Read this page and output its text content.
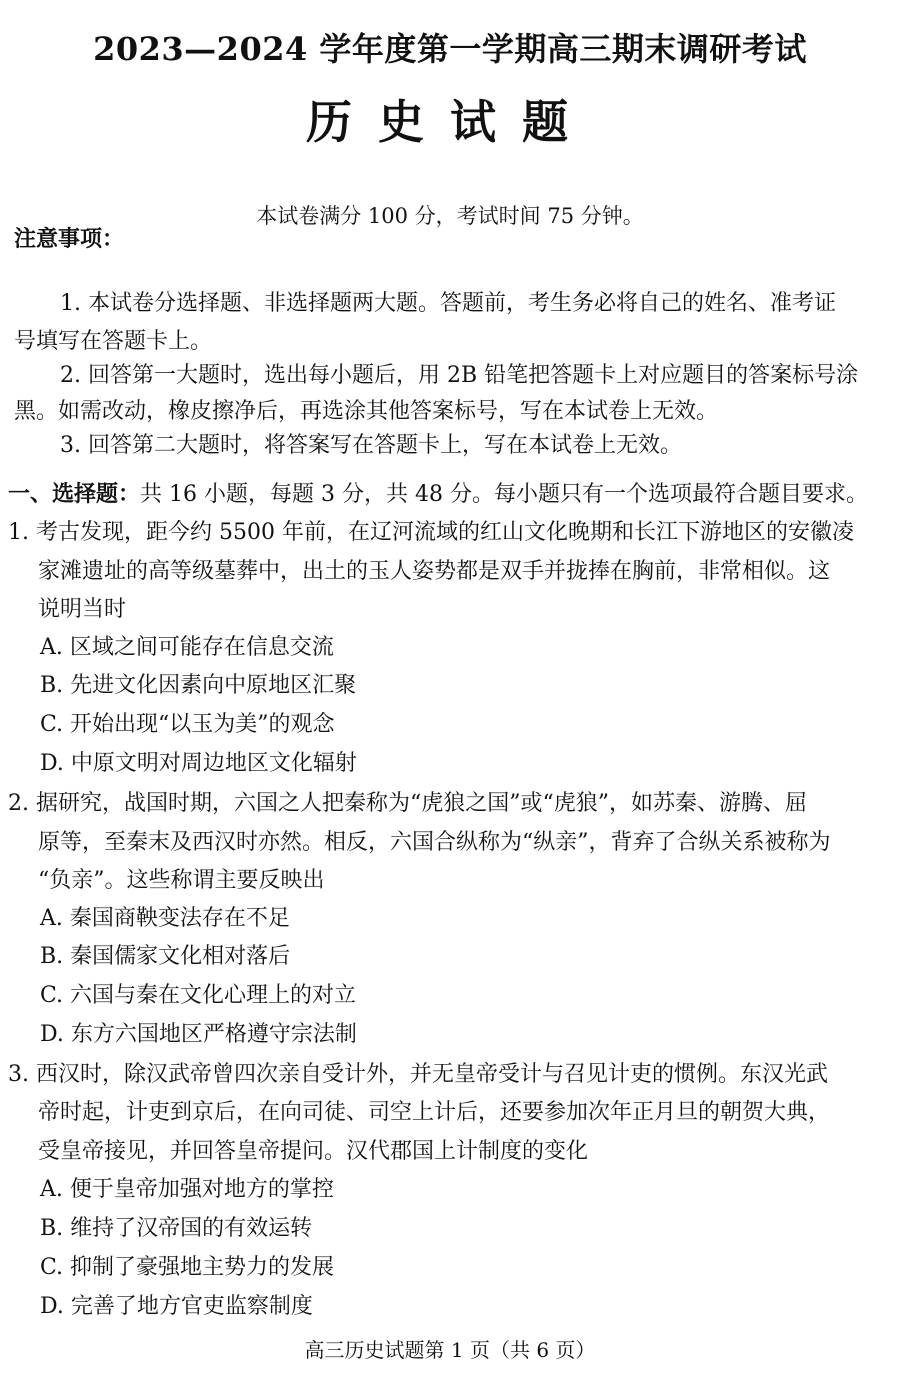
2023—2024 学年度第一学期高三期末调研考试
历史试题
本试卷满分 100 分，考试时间 75 分钟。
注意事项：
1. 本试卷分选择题、非选择题两大题。答题前，考生务必将自己的姓名、准考证
号填写在答题卡上。
2. 回答第一大题时，选出每小题后，用 2B 铅笔把答题卡上对应题目的答案标号涂
黑。如需改动，橡皮擦净后，再选涂其他答案标号，写在本试卷上无效。
3. 回答第二大题时，将答案写在答题卡上，写在本试卷上无效。
一、选择题：共 16 小题，每题 3 分，共 48 分。每小题只有一个选项最符合题目要求。
1. 考古发现，距今约 5500 年前，在辽河流域的红山文化晚期和长江下游地区的安徽凌
家滩遗址的高等级墓葬中，出土的玉人姿势都是双手并拢捧在胸前，非常相似。这
说明当时
A. 区域之间可能存在信息交流
B. 先进文化因素向中原地区汇聚
C. 开始出现“以玉为美”的观念
D. 中原文明对周边地区文化辐射
2. 据研究，战国时期，六国之人把秦称为“虎狼之国”或“虎狼”，如苏秦、游腾、屈
原等，至秦末及西汉时亦然。相反，六国合纵称为“纵亲”，背弃了合纵关系被称为
“负亲”。这些称谓主要反映出
A. 秦国商鞅变法存在不足
B. 秦国儒家文化相对落后
C. 六国与秦在文化心理上的对立
D. 东方六国地区严格遵守宗法制
3. 西汉时，除汉武帝曾四次亲自受计外，并无皇帝受计与召见计吏的惯例。东汉光武
帝时起，计吏到京后，在向司徒、司空上计后，还要参加次年正月旦的朝贺大典，
受皇帝接见，并回答皇帝提问。汉代郡国上计制度的变化
A. 便于皇帝加强对地方的掌控
B. 维持了汉帝国的有效运转
C. 抑制了豪强地主势力的发展
D. 完善了地方官吏监察制度
高三历史试题第 1 页（共 6 页）
